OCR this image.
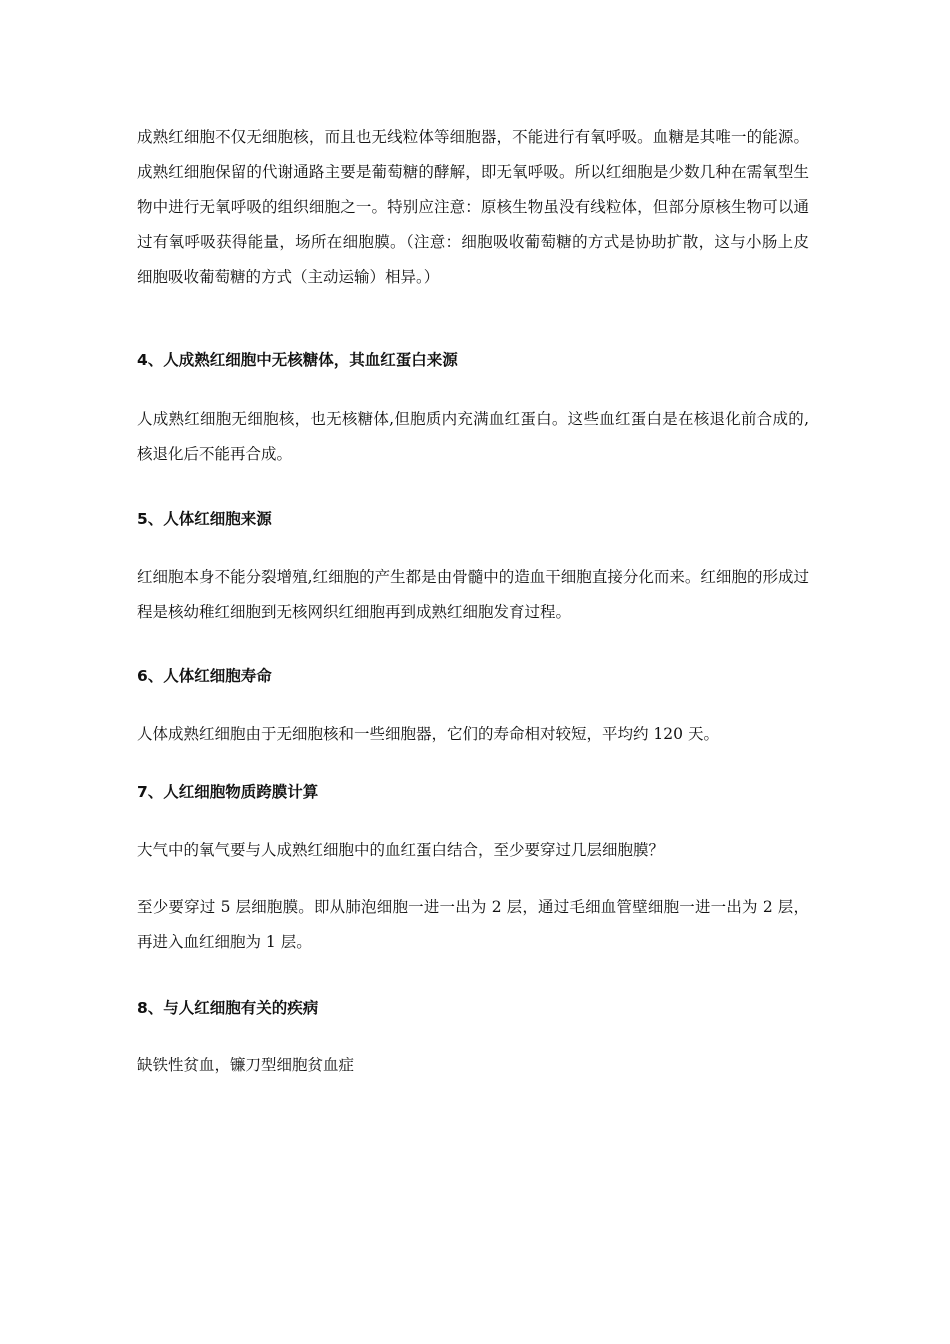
成熟红细胞不仅无细胞核，而且也无线粒体等细胞器，不能进行有氧呼吸。血糖是其唯一的能源。成熟红细胞保留的代谢通路主要是葡萄糖的酵解，即无氧呼吸。所以红细胞是少数几种在需氧型生物中进行无氧呼吸的组织细胞之一。特别应注意：原核生物虽没有线粒体，但部分原核生物可以通过有氧呼吸获得能量，场所在细胞膜。（注意：细胞吸收葡萄糖的方式是协助扩散，这与小肠上皮细胞吸收葡萄糖的方式（主动运输）相异。）

4、人成熟红细胞中无核糖体，其血红蛋白来源

人成熟红细胞无细胞核，也无核糖体,但胞质内充满血红蛋白。这些血红蛋白是在核退化前合成的,核退化后不能再合成。

5、人体红细胞来源

红细胞本身不能分裂增殖,红细胞的产生都是由骨髓中的造血干细胞直接分化而来。红细胞的形成过程是核幼稚红细胞到无核网织红细胞再到成熟红细胞发育过程。

6、人体红细胞寿命

人体成熟红细胞由于无细胞核和一些细胞器，它们的寿命相对较短，平均约 120 天。

7、人红细胞物质跨膜计算

大气中的氧气要与人成熟红细胞中的血红蛋白结合，至少要穿过几层细胞膜？

至少要穿过 5 层细胞膜。即从肺泡细胞一进一出为 2 层，通过毛细血管壁细胞一进一出为 2 层，再进入血红细胞为 1 层。

8、与人红细胞有关的疾病

缺铁性贫血，镰刀型细胞贫血症
